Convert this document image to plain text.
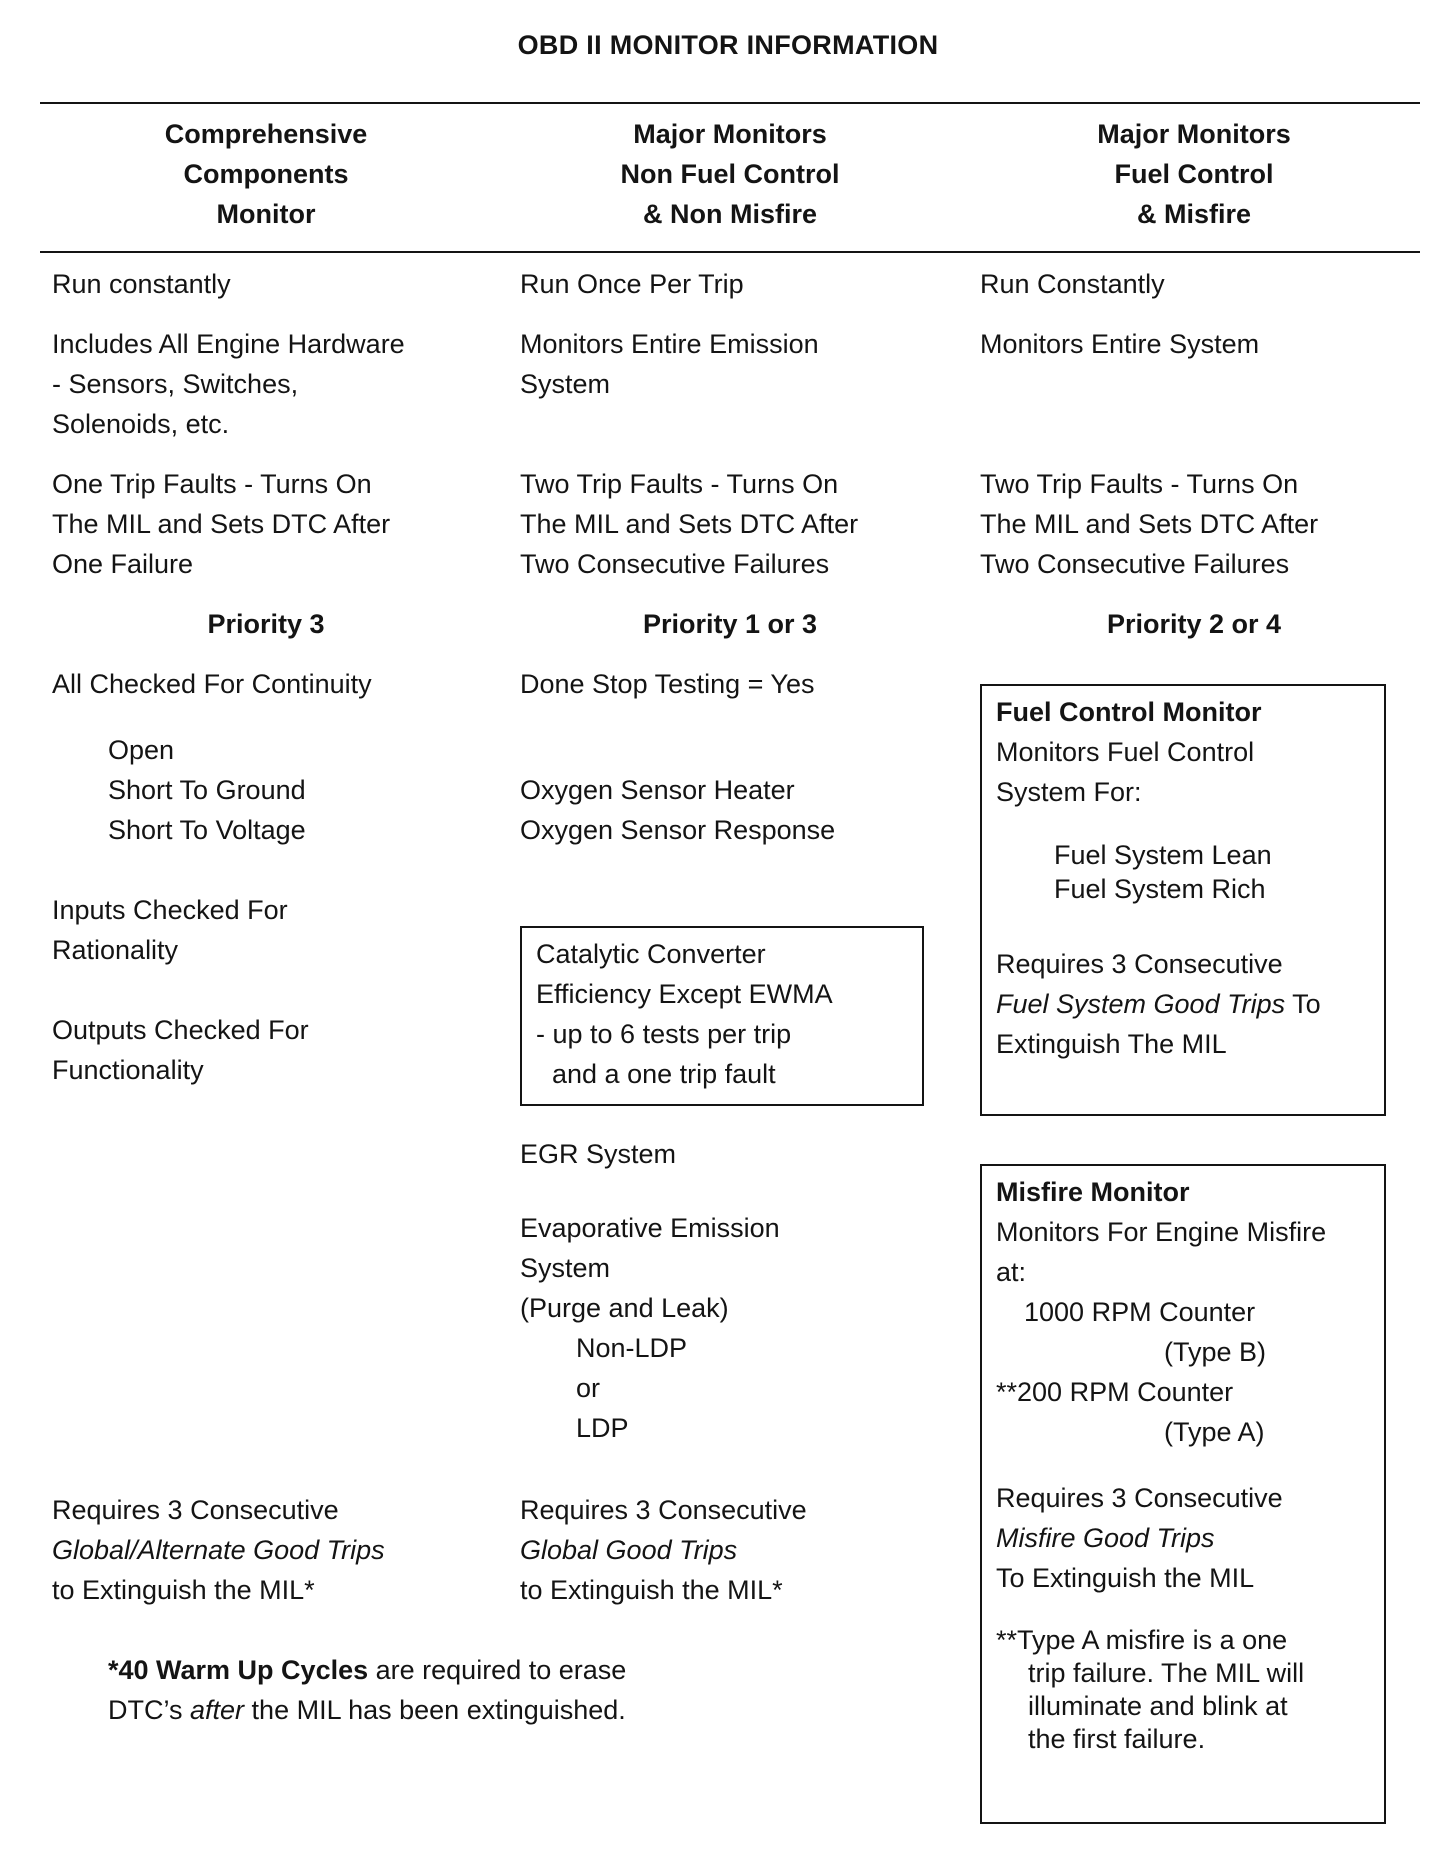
OBD II MONITOR INFORMATION
Comprehensive
Components
Monitor
Major Monitors
Non Fuel Control
& Non Misfire
Major Monitors
Fuel Control
& Misfire
Run constantly
Includes All Engine Hardware
- Sensors, Switches,
Solenoids, etc.
One Trip Faults - Turns On
The MIL and Sets DTC After
One Failure
Priority 3
All Checked For Continuity
Open
Short To Ground
Short To Voltage
Inputs Checked For
Rationality
Outputs Checked For
Functionality
Requires 3 Consecutive
Global/Alternate Good Trips
to Extinguish the MIL*
Run Once Per Trip
Monitors Entire Emission
System
Two Trip Faults - Turns On
The MIL and Sets DTC After
Two Consecutive Failures
Priority 1 or 3
Done Stop Testing = Yes
Oxygen Sensor Heater
Oxygen Sensor Response
Catalytic Converter
Efficiency Except EWMA
- up to 6 tests per trip
and a one trip fault
EGR System
Evaporative Emission
System
(Purge and Leak)
Non-LDP
or
LDP
Requires 3 Consecutive
Global Good Trips
to Extinguish the MIL*
Run Constantly
Monitors Entire System
Two Trip Faults - Turns On
The MIL and Sets DTC After
Two Consecutive Failures
Priority 2 or 4
Fuel Control Monitor
Monitors Fuel Control
System For:
Fuel System Lean
Fuel System Rich
Requires 3 Consecutive
Fuel System Good Trips To
Extinguish The MIL
Misfire Monitor
Monitors For Engine Misfire
at:
1000 RPM Counter
(Type B)
**200 RPM Counter
(Type A)
Requires 3 Consecutive
Misfire Good Trips
To Extinguish the MIL
**Type A misfire is a one
trip failure. The MIL will
illuminate and blink at
the first failure.
*40 Warm Up Cycles are required to erase
DTC’s after the MIL has been extinguished.
